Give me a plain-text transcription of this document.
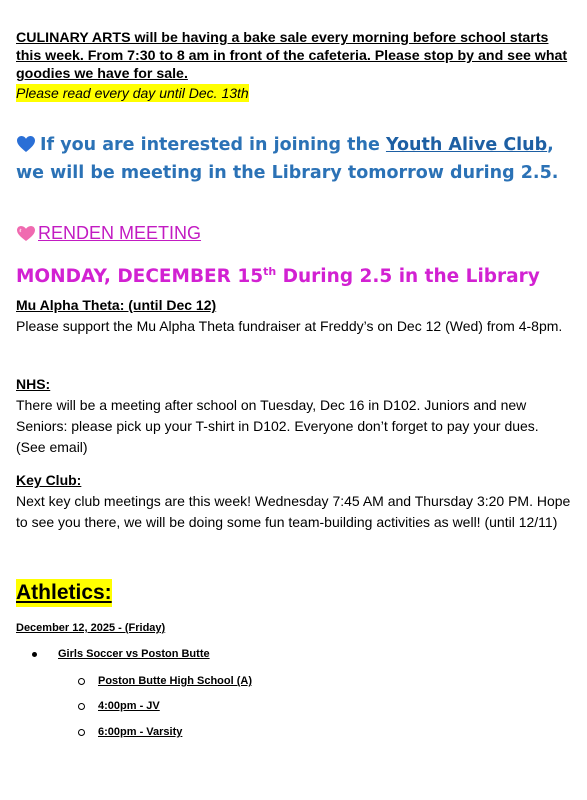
CULINARY ARTS will be having a bake sale every morning before school starts this week. From 7:30 to 8 am in front of the cafeteria. Please stop by and see what goodies we have for sale.
Please read every day until Dec. 13th
If you are interested in joining the Youth Alive Club, we will be meeting in the Library tomorrow during 2.5.
RENDEN MEETING
MONDAY, DECEMBER 15th During 2.5 in the Library
Mu Alpha Theta: (until Dec 12)
Please support the Mu Alpha Theta fundraiser at Freddy’s on Dec 12 (Wed) from 4-8pm.
NHS:
There will be a meeting after school on Tuesday, Dec 16 in D102. Juniors and new Seniors: please pick up your T-shirt in D102. Everyone don’t forget to pay your dues. (See email)
Key Club:
Next key club meetings are this week! Wednesday 7:45 AM and Thursday 3:20 PM. Hope to see you there, we will be doing some fun team-building activities as well! (until 12/11)
Athletics:
December 12, 2025 - (Friday)
Girls Soccer vs Poston Butte
Poston Butte High School (A)
4:00pm - JV
6:00pm - Varsity
